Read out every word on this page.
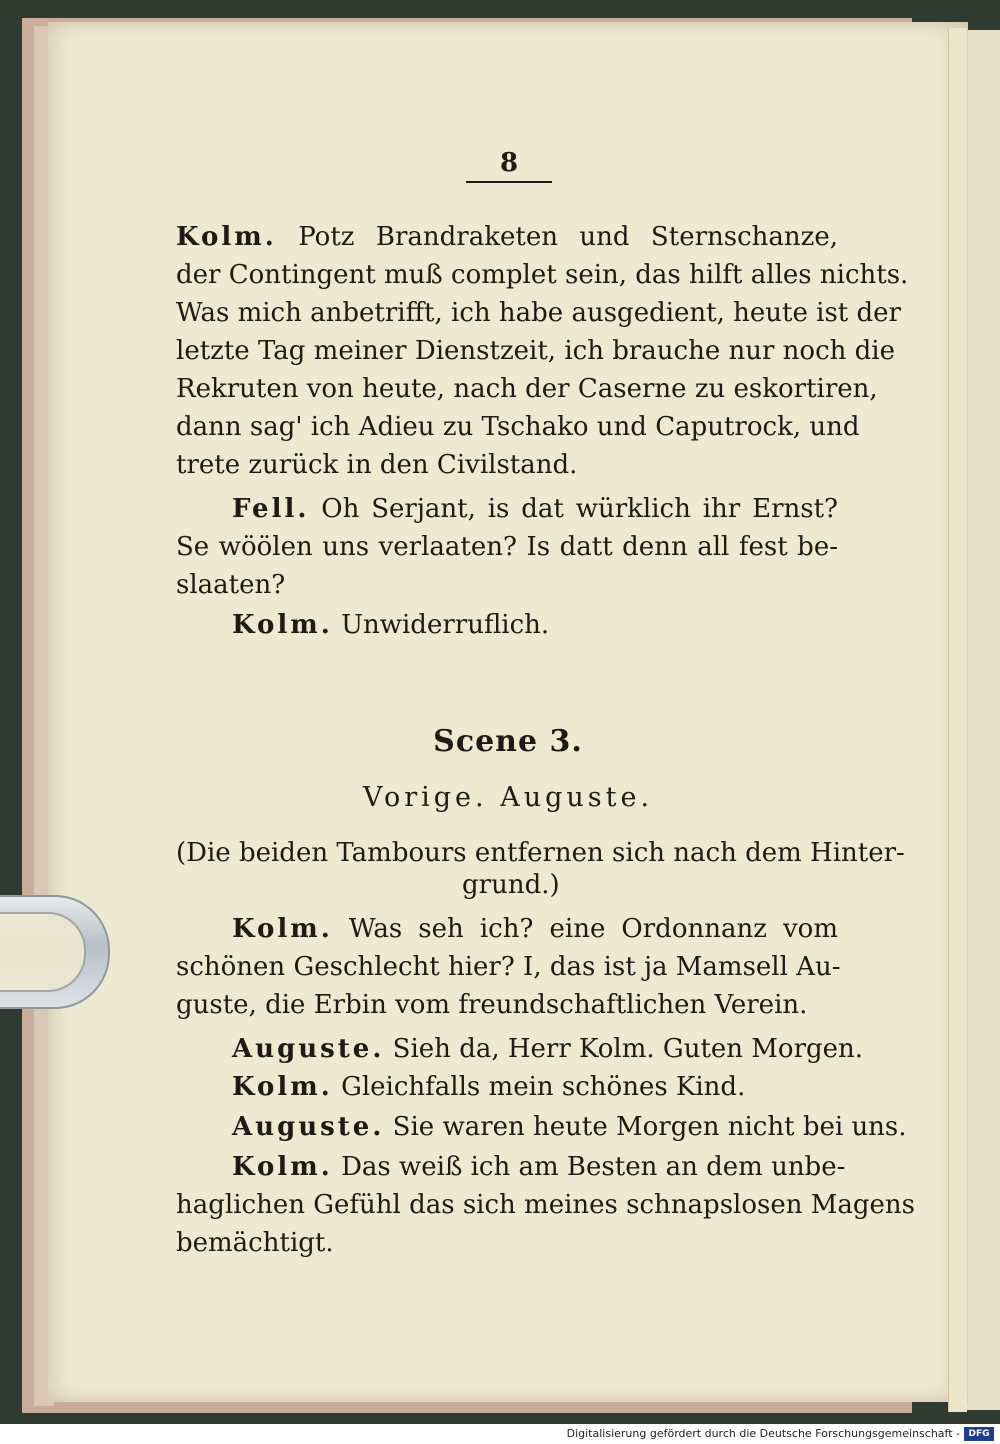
8
Kolm. Potz Brandraketen und Sternschanze,
der Contingent muß complet sein, das hilft alles nichts.
Was mich anbetrifft, ich habe ausgedient, heute ist der
letzte Tag meiner Dienstzeit, ich brauche nur noch die
Rekruten von heute, nach der Caserne zu eskortiren,
dann sag' ich Adieu zu Tschako und Caputrock, und
trete zurück in den Civilstand.
Fell. Oh Serjant, is dat würklich ihr Ernst?
Se wöölen uns verlaaten? Is datt denn all fest be-
slaaten?
Kolm. Unwiderruflich.
Scene 3.
Vorige. Auguste.
(Die beiden Tambours entfernen sich nach dem Hinter-
grund.)
Kolm. Was seh ich? eine Ordonnanz vom
schönen Geschlecht hier? I, das ist ja Mamsell Au-
guste, die Erbin vom freundschaftlichen Verein.
Auguste. Sieh da, Herr Kolm. Guten Morgen.
Kolm. Gleichfalls mein schönes Kind.
Auguste. Sie waren heute Morgen nicht bei uns.
Kolm. Das weiß ich am Besten an dem unbe-
haglichen Gefühl das sich meines schnapslosen Magens
bemächtigt.
Digitalisierung gefördert durch die Deutsche Forschungsgemeinschaft - DFG
